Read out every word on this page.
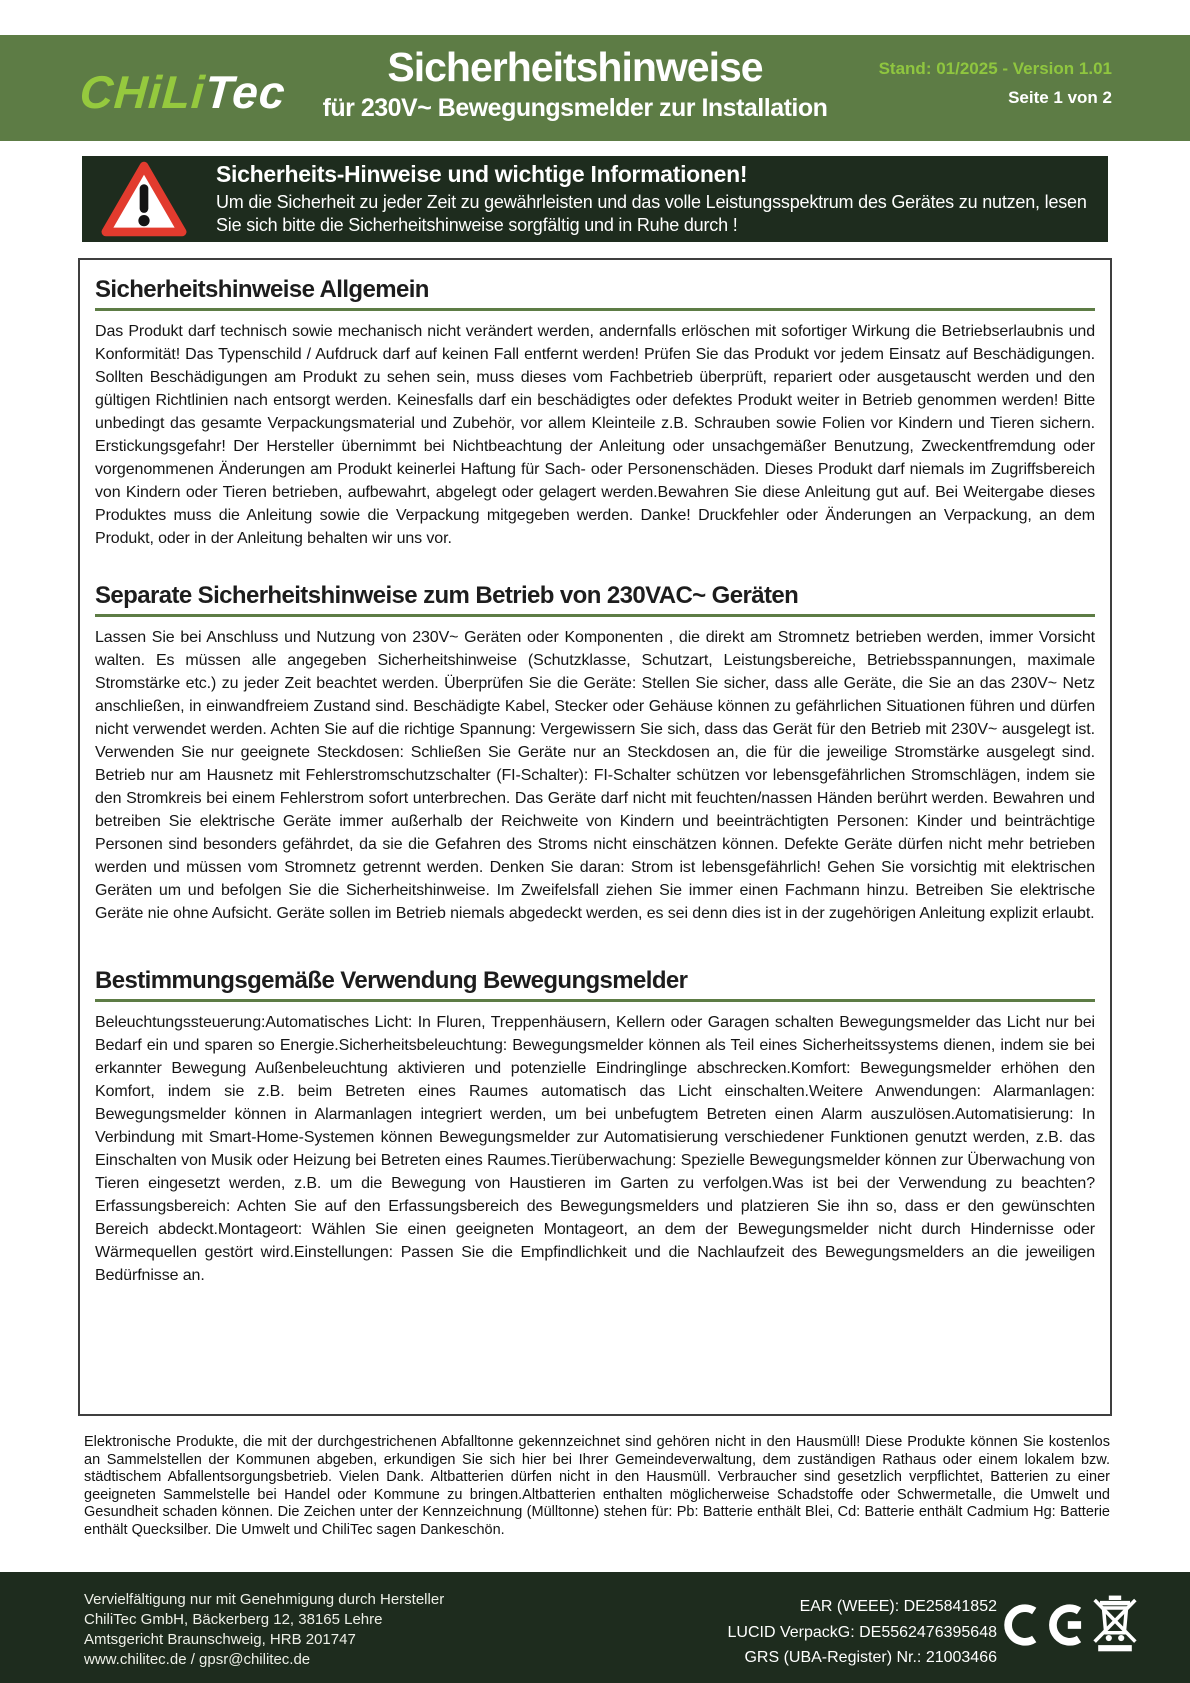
CHiLiTec	Sicherheitshinweise
für 230V~ Bewegungsmelder zur Installation
Stand: 01/2025 - Version 1.01
Seite 1 von 2
Sicherheits-Hinweise und wichtige Informationen!
Um die Sicherheit zu jeder Zeit zu gewährleisten und das volle Leistungsspektrum des Gerätes zu nutzen, lesen Sie sich bitte die Sicherheitshinweise sorgfältig und in Ruhe durch !
Sicherheitshinweise Allgemein

Das Produkt darf technisch sowie mechanisch nicht verändert werden, andernfalls erlöschen mit sofortiger Wirkung die Betriebserlaubnis und Konformität! Das Typenschild / Aufdruck darf auf keinen Fall entfernt werden! Prüfen Sie das Produkt vor jedem Einsatz auf Beschädigungen. Sollten Beschädigungen am Produkt zu sehen sein, muss dieses vom Fachbetrieb überprüft, repariert oder ausgetauscht werden und den gültigen Richtlinien nach entsorgt werden. Keinesfalls darf ein beschädigtes oder defektes Produkt weiter in Betrieb genommen werden! Bitte unbedingt das gesamte Verpackungsmaterial und Zubehör, vor allem Kleinteile z.B. Schrauben sowie Folien vor Kindern und Tieren sichern. Erstickungsgefahr! Der Hersteller übernimmt bei Nichtbeachtung der Anleitung oder unsachgemäßer Benutzung, Zweckentfremdung oder vorgenommenen Änderungen am Produkt keinerlei Haftung für Sach- oder Personenschäden. Dieses Produkt darf niemals im Zugriffsbereich von Kindern oder Tieren betrieben, aufbewahrt, abgelegt oder gelagert werden.Bewahren Sie diese Anleitung gut auf. Bei Weitergabe dieses Produktes muss die Anleitung sowie die Verpackung mitgegeben werden. Danke! Druckfehler oder Änderungen an Verpackung, an dem Produkt, oder in der Anleitung behalten wir uns vor.

Separate Sicherheitshinweise zum Betrieb von 230VAC~ Geräten

Lassen Sie bei Anschluss und Nutzung von 230V~ Geräten oder Komponenten , die direkt am Stromnetz betrieben werden, immer Vorsicht walten. Es müssen alle angegeben Sicherheitshinweise (Schutzklasse, Schutzart, Leistungsbereiche, Betriebsspannungen, maximale Stromstärke etc.) zu jeder Zeit beachtet werden. Überprüfen Sie die Geräte: Stellen Sie sicher, dass alle Geräte, die Sie an das 230V~ Netz anschließen, in einwandfreiem Zustand sind. Beschädigte Kabel, Stecker oder Gehäuse können zu gefährlichen Situationen führen und dürfen nicht verwendet werden. Achten Sie auf die richtige Spannung: Vergewissern Sie sich, dass das Gerät für den Betrieb mit 230V~ ausgelegt ist. Verwenden Sie nur geeignete Steckdosen: Schließen Sie Geräte nur an Steckdosen an, die für die jeweilige Stromstärke ausgelegt sind. Betrieb nur am Hausnetz mit Fehlerstromschutzschalter (FI-Schalter): FI-Schalter schützen vor lebensgefährlichen Stromschlägen, indem sie den Stromkreis bei einem Fehlerstrom sofort unterbrechen. Das Geräte darf nicht mit feuchten/nassen Händen berührt werden. Bewahren und betreiben Sie elektrische Geräte immer außerhalb der Reichweite von Kindern und beeinträchtigten Personen: Kinder und beinträchtige Personen sind besonders gefährdet, da sie die Gefahren des Stroms nicht einschätzen können. Defekte Geräte dürfen nicht mehr betrieben werden und müssen vom Stromnetz getrennt werden. Denken Sie daran: Strom ist lebensgefährlich! Gehen Sie vorsichtig mit elektrischen Geräten um und befolgen Sie die Sicherheitshinweise. Im Zweifelsfall ziehen Sie immer einen Fachmann hinzu. Betreiben Sie elektrische Geräte nie ohne Aufsicht. Geräte sollen im Betrieb niemals abgedeckt werden, es sei denn dies ist in der zugehörigen Anleitung explizit erlaubt.

Bestimmungsgemäße Verwendung Bewegungsmelder

Beleuchtungssteuerung:Automatisches Licht: In Fluren, Treppenhäusern, Kellern oder Garagen schalten Bewegungsmelder das Licht nur bei Bedarf ein und sparen so Energie.Sicherheitsbeleuchtung: Bewegungsmelder können als Teil eines Sicherheitssystems dienen, indem sie bei erkannter Bewegung Außenbeleuchtung aktivieren und potenzielle Eindringlinge abschrecken.Komfort: Bewegungsmelder erhöhen den Komfort, indem sie z.B. beim Betreten eines Raumes automatisch das Licht einschalten.Weitere Anwendungen: Alarmanlagen: Bewegungsmelder können in Alarmanlagen integriert werden, um bei unbefugtem Betreten einen Alarm auszulösen.Automatisierung: In Verbindung mit Smart-Home-Systemen können Bewegungsmelder zur Automatisierung verschiedener Funktionen genutzt werden, z.B. das Einschalten von Musik oder Heizung bei Betreten eines Raumes.Tierüberwachung: Spezielle Bewegungsmelder können zur Überwachung von Tieren eingesetzt werden, z.B. um die Bewegung von Haustieren im Garten zu verfolgen.Was ist bei der Verwendung zu beachten?Erfassungsbereich: Achten Sie auf den Erfassungsbereich des Bewegungsmelders und platzieren Sie ihn so, dass er den gewünschten Bereich abdeckt.Montageort: Wählen Sie einen geeigneten Montageort, an dem der Bewegungsmelder nicht durch Hindernisse oder Wärmequellen gestört wird.Einstellungen: Passen Sie die Empfindlichkeit und die Nachlaufzeit des Bewegungsmelders an die jeweiligen Bedürfnisse an.

Elektronische Produkte, die mit der durchgestrichenen Abfalltonne gekennzeichnet sind gehören nicht in den Hausmüll! Diese Produkte können Sie kostenlos an Sammelstellen der Kommunen abgeben, erkundigen Sie sich hier bei Ihrer Gemeindeverwaltung, dem zuständigen Rathaus oder einem lokalem bzw. städtischem Abfallentsorgungsbetrieb. Vielen Dank. Altbatterien dürfen nicht in den Hausmüll. Verbraucher sind gesetzlich verpflichtet, Batterien zu einer geeigneten Sammelstelle bei Handel oder Kommune zu bringen.Altbatterien enthalten möglicherweise Schadstoffe oder Schwermetalle, die Umwelt und Gesundheit schaden können. Die Zeichen unter der Kennzeichnung (Mülltonne) stehen für: Pb: Batterie enthält Blei, Cd: Batterie enthält Cadmium Hg: Batterie enthält Quecksilber. Die Umwelt und ChiliTec sagen Dankeschön.

Vervielfältigung nur mit Genehmigung durch Hersteller
ChiliTec GmbH, Bäckerberg 12, 38165 Lehre
Amtsgericht Braunschweig, HRB 201747
www.chilitec.de / gpsr@chilitec.de
EAR (WEEE): DE25841852
LUCID VerpackG: DE5562476395648
GRS (UBA-Register) Nr.: 21003466
